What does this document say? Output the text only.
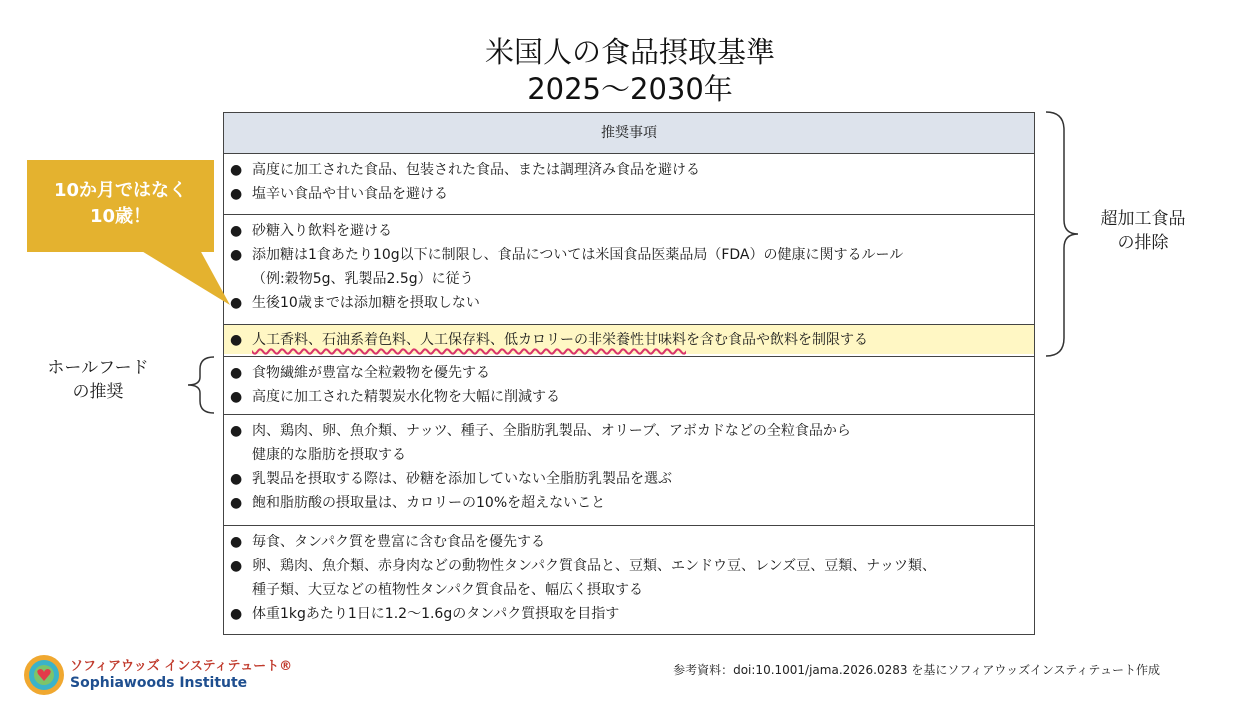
米国人の食品摂取基準
2025～2030年
推奨事項
● 高度に加工された食品、包装された食品、または調理済み食品を避ける
● 塩辛い食品や甘い食品を避ける
● 砂糖入り飲料を避ける
● 添加糖は1食あたり10g以下に制限し、食品については米国食品医薬品局（FDA）の健康に関するルール
（例:穀物5g、乳製品2.5g）に従う
● 生後10歳までは添加糖を摂取しない
● 人工香料、石油系着色料、人工保存料、低カロリーの非栄養性甘味料を含む食品や飲料を制限する
● 食物繊維が豊富な全粒穀物を優先する
● 高度に加工された精製炭水化物を大幅に削減する
● 肉、鶏肉、卵、魚介類、ナッツ、種子、全脂肪乳製品、オリーブ、アボカドなどの全粒食品から
健康的な脂肪を摂取する
● 乳製品を摂取する際は、砂糖を添加していない全脂肪乳製品を選ぶ
● 飽和脂肪酸の摂取量は、カロリーの10%を超えないこと
● 毎食、タンパク質を豊富に含む食品を優先する
● 卵、鶏肉、魚介類、赤身肉などの動物性タンパク質食品と、豆類、エンドウ豆、レンズ豆、豆類、ナッツ類、
種子類、大豆などの植物性タンパク質食品を、幅広く摂取する
● 体重1kgあたり1日に1.2～1.6gのタンパク質摂取を目指す
10か月ではなく
10歳！	超加工食品
の排除
ホールフード
の推奨
ソフィアウッズ インスティテュート®
Sophiawoods Institute
参考資料：doi:10.1001/jama.2026.0283 を基にソフィアウッズインスティテュート作成
